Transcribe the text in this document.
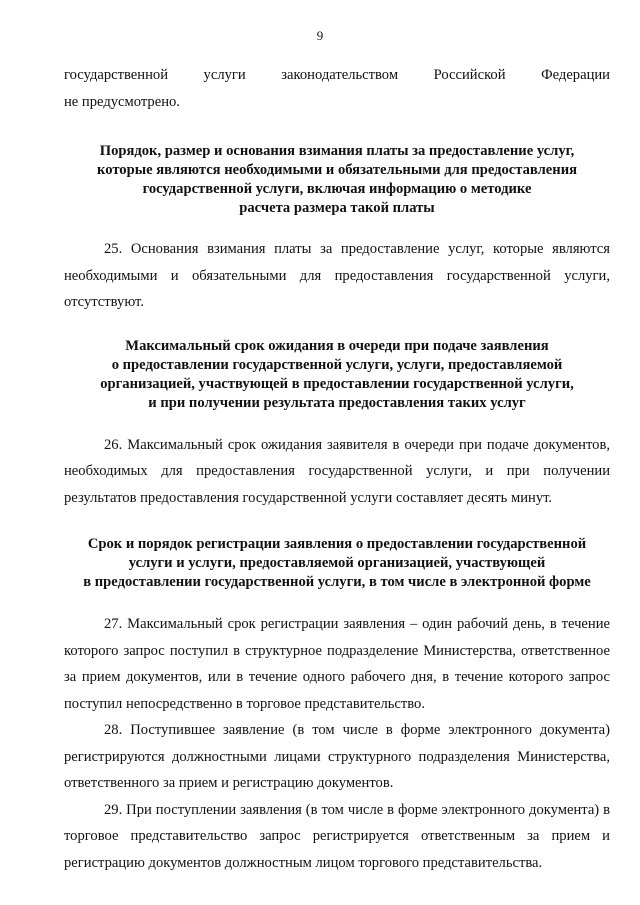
9

государственной услуги законодательством Российской Федерации

не предусмотрено.

Порядок, размер и основания взимания платы за предоставление услуг,
которые являются необходимыми и обязательными для предоставления
государственной услуги, включая информацию о методике
расчета размера такой платы

25. Основания взимания платы за предоставление услуг, которые являются необходимыми и обязательными для предоставления государственной услуги, отсутствуют.

Максимальный срок ожидания в очереди при подаче заявления
о предоставлении государственной услуги, услуги, предоставляемой
организацией, участвующей в предоставлении государственной услуги,
и при получении результата предоставления таких услуг

26. Максимальный срок ожидания заявителя в очереди при подаче документов, необходимых для предоставления государственной услуги, и при получении результатов предоставления государственной услуги составляет десять минут.

Срок и порядок регистрации заявления о предоставлении государственной
услуги и услуги, предоставляемой организацией, участвующей
в предоставлении государственной услуги, в том числе в электронной форме

27. Максимальный срок регистрации заявления – один рабочий день, в течение которого запрос поступил в структурное подразделение Министерства, ответственное за прием документов, или в течение одного рабочего дня, в течение которого запрос поступил непосредственно в торговое представительство.

28. Поступившее заявление (в том числе в форме электронного документа) регистрируются должностными лицами структурного подразделения Министерства, ответственного за прием и регистрацию документов.

29. При поступлении заявления (в том числе в форме электронного документа) в торговое представительство запрос регистрируется ответственным за прием и регистрацию документов должностным лицом торгового представительства.
